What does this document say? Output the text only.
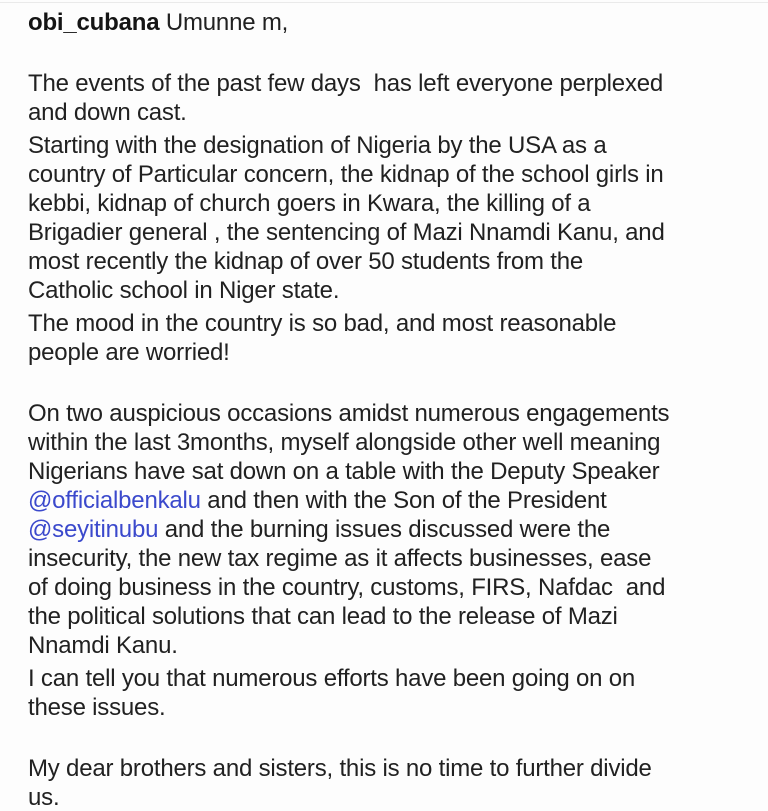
obi_cubana Umunne m,
The events of the past few days  has left everyone perplexed
and down cast.
Starting with the designation of Nigeria by the USA as a
country of Particular concern, the kidnap of the school girls in
kebbi, kidnap of church goers in Kwara, the killing of a
Brigadier general , the sentencing of Mazi Nnamdi Kanu, and
most recently the kidnap of over 50 students from the
Catholic school in Niger state.
The mood in the country is so bad, and most reasonable
people are worried!
On two auspicious occasions amidst numerous engagements
within the last 3months, myself alongside other well meaning
Nigerians have sat down on a table with the Deputy Speaker
@officialbenkalu and then with the Son of the President
@seyitinubu and the burning issues discussed were the
insecurity, the new tax regime as it affects businesses, ease
of doing business in the country, customs, FIRS, Nafdac  and
the political solutions that can lead to the release of Mazi
Nnamdi Kanu.
I can tell you that numerous efforts have been going on on
these issues.
My dear brothers and sisters, this is no time to further divide
us.
